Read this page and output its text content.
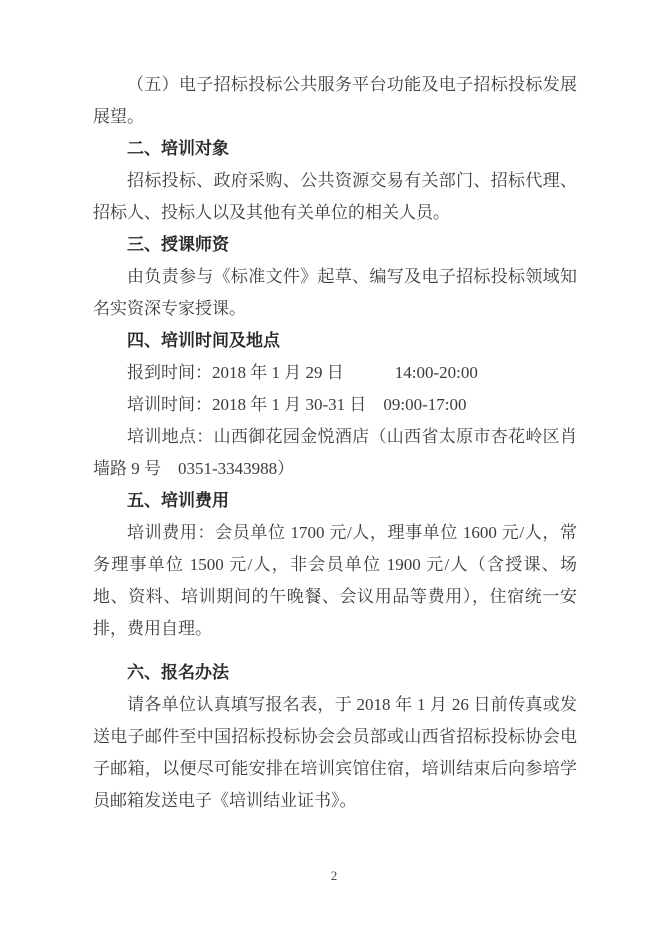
（五）电子招标投标公共服务平台功能及电子招标投标发展展望。

二、培训对象

招标投标、政府采购、公共资源交易有关部门、招标代理、招标人、投标人以及其他有关单位的相关人员。

三、授课师资

由负责参与《标准文件》起草、编写及电子招标投标领域知名实资深专家授课。

四、培训时间及地点

报到时间：2018 年 1 月 29 日　　　14:00-20:00

培训时间：2018 年 1 月 30-31 日　09:00-17:00

培训地点：山西御花园金悦酒店（山西省太原市杏花岭区肖墙路 9 号　0351-3343988）

五、培训费用

培训费用：会员单位 1700 元/人，理事单位 1600 元/人，常务理事单位 1500 元/人，非会员单位 1900 元/人（含授课、场地、资料、培训期间的午晚餐、会议用品等费用），住宿统一安排，费用自理。

六、报名办法

请各单位认真填写报名表，于 2018 年 1 月 26 日前传真或发送电子邮件至中国招标投标协会会员部或山西省招标投标协会电子邮箱，以便尽可能安排在培训宾馆住宿，培训结束后向参培学员邮箱发送电子《培训结业证书》。

2
